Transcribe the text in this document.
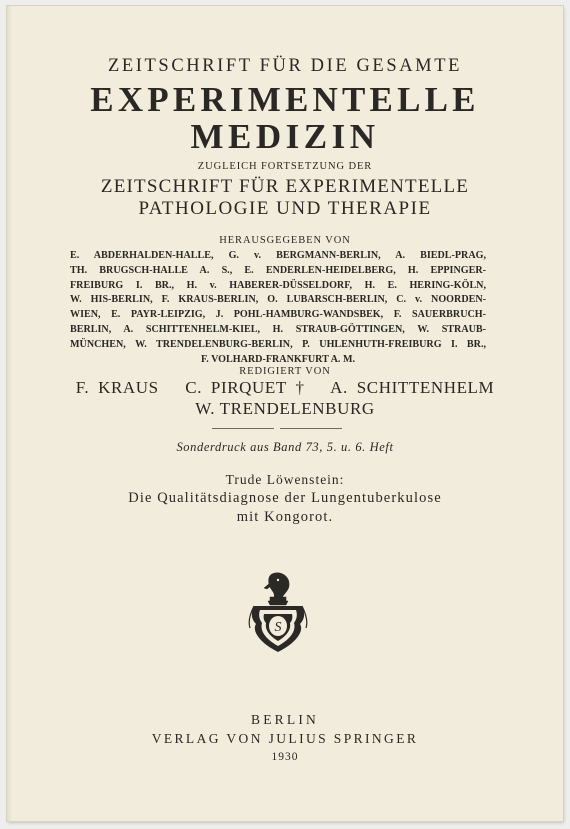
ZEITSCHRIFT FÜR DIE GESAMTE
EXPERIMENTELLE
MEDIZIN
ZUGLEICH FORTSETZUNG DER
ZEITSCHRIFT FÜR EXPERIMENTELLE
PATHOLOGIE UND THERAPIE
HERAUSGEGEBEN VON
E. ABDERHALDEN-HALLE, G. v. BERGMANN-BERLIN, A. BIEDL-PRAG,
TH. BRUGSCH-HALLE A. S., E. ENDERLEN-HEIDELBERG, H. EPPINGER-
FREIBURG I. BR., H. v. HABERER-DÜSSELDORF, H. E. HERING-KÖLN,
W. HIS-BERLIN, F. KRAUS-BERLIN, O. LUBARSCH-BERLIN, C. v. NOORDEN-
WIEN, E. PAYR-LEIPZIG, J. POHL-HAMBURG-WANDSBEK, F. SAUERBRUCH-
BERLIN, A. SCHITTENHELM-KIEL, H. STRAUB-GÖTTINGEN, W. STRAUB-
MÜNCHEN, W. TRENDELENBURG-BERLIN, P. UHLENHUTH-FREIBURG I. BR.,
F. VOLHARD-FRANKFURT A. M.
REDIGIERT VON
F. KRAUS   C. PIRQUET †   A. SCHITTENHELM
W. TRENDELENBURG
Sonderdruck aus Band 73, 5. u. 6. Heft
Trude Löwenstein:
Die Qualitätsdiagnose der Lungentuberkulose
mit Kongorot.
S
BERLIN
VERLAG VON JULIUS SPRINGER
1930
